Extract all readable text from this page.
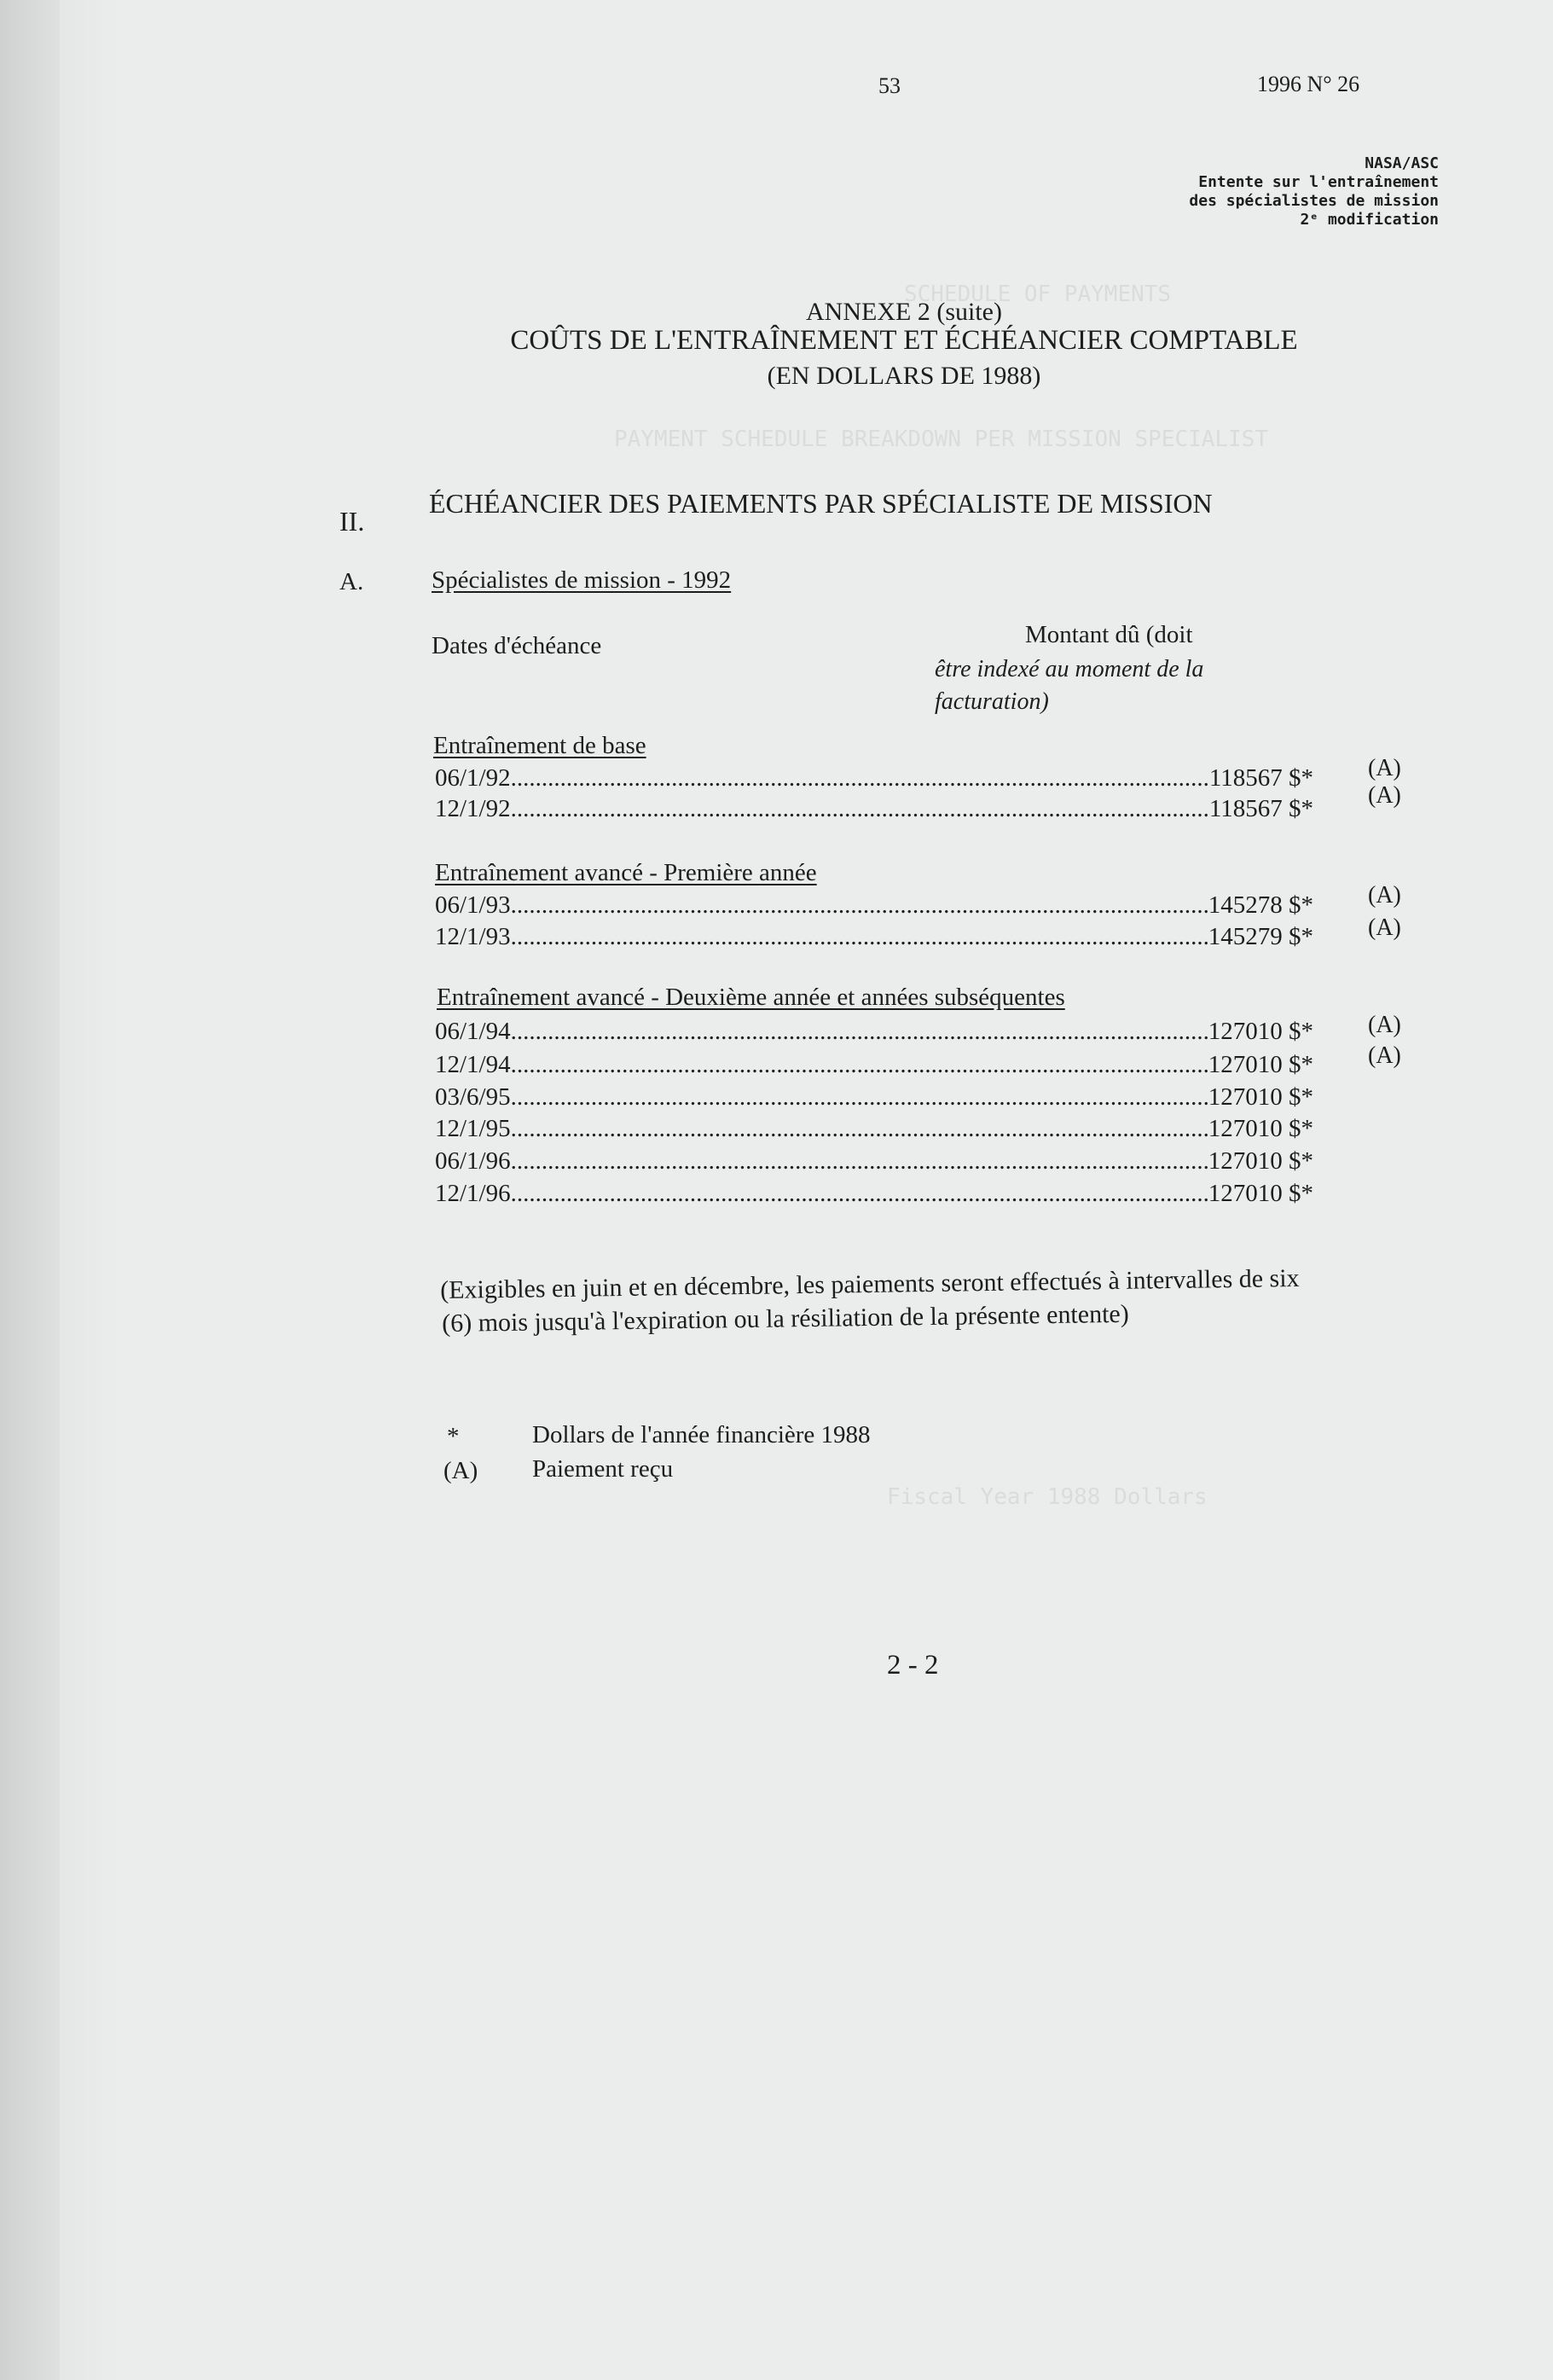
SCHEDULE OF PAYMENTS
PAYMENT SCHEDULE BREAKDOWN PER MISSION SPECIALIST
Fiscal Year 1988 Dollars
53	1996 N° 26
NASA/ASC
Entente sur l'entraînement
des spécialistes de mission
2ᵉ modification
ANNEXE 2 (suite)
COÛTS DE L'ENTRAÎNEMENT ET ÉCHÉANCIER COMPTABLE
(EN DOLLARS DE 1988)
II.
ÉCHÉANCIER DES PAIEMENTS PAR SPÉCIALISTE DE MISSION
A.	Spécialistes de mission - 1992
Dates d'échéance	Montant dû (doit
être indexé au moment de la
facturation)
Entraînement de base
06/1/92 .....	118567 $* (A)
12/1/92 .....	118567 $* (A)
Entraînement avancé - Première année
06/1/93 .....	145278 $* (A)
12/1/93 .....	145279 $* (A)
Entraînement avancé - Deuxième année et années subséquentes
06/1/94 .....	127010 $* (A)
12/1/94 .....	127010 $* (A)
03/6/95 .....	127010 $*
12/1/95 .....	127010 $*
06/1/96 .....	127010 $*
12/1/96 .....	127010 $*
(Exigibles en juin et en décembre, les paiements seront effectués à intervalles de six
(6) mois jusqu'à l'expiration ou la résiliation de la présente entente)
*	Dollars de l'année financière 1988
(A) Paiement reçu
2 - 2
